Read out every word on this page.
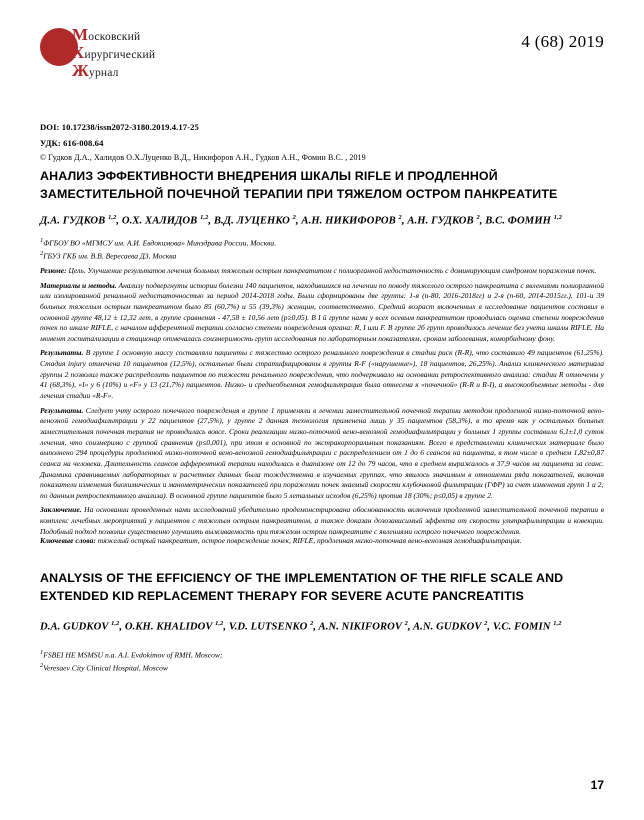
Московский
Хирургический
Журнал
4 (68) 2019
DOI: 10.17238/issn2072-3180.2019.4.17-25
УДК: 616-008.64
© Гудков Д.А., Халидов О.Х.Луценко В.Д., Никифоров А.Н., Гудков А.Н., Фомин В.С. , 2019
АНАЛИЗ ЭФФЕКТИВНОСТИ ВНЕДРЕНИЯ ШКАЛЫ RIFLE И ПРОДЛЕННОЙ ЗАМЕСТИТЕЛЬНОЙ ПОЧЕЧНОЙ ТЕРАПИИ ПРИ ТЯЖЕЛОМ ОСТРОМ ПАНКРЕАТИТЕ
Д.А. ГУДКОВ $^{1,2}$, О.Х. ХАЛИДОВ $^{1,2}$, В.Д. ЛУЦЕНКО $^2$, А.Н. НИКИФОРОВ $^2$, А.Н. ГУДКОВ $^2$, В.С. ФОМИН $^{1,2}$
$^1$ФГБОУ ВО «МГМСУ им. А.И. Евдокимова» Минздрава России, Москва.
$^2$ГБУЗ ГКБ им. В.В. Вересаева ДЗ, Москва

Резюме: Цель. Улучшение результатов лечения больных тяжелым острым панкреатитом с полиорганной недостаточность с доминирующим синдромом поражения почек.

Материалы и методы. Анализу подвергнуты истории болезни 140 пациентов, находившихся на лечении по поводу тяжелого острого панкреатита с явлениями полиорганной или изолированной ренальной недостаточностью за период 2014-2018 годы. Были сформированы две группы: 1-я (n-80, 2016-2018гг) и 2-я (n-60, 2014-2015гг.). 101-и 39 больных тяжелым острым панкреатитом было 85 (60,7%) и 55 (39,3%) женщин, соответственно. Средний возраст включенных в исследование пациентов составил в основной группе 48,12 ± 12,32 лет, в группе сравнения - 47,58 ± 10,56 лет (p≥0,05). В I й группе нами у всех осевым панкреатитом проводилась оценка степени повреждения почек по шкале RIFLE, с началом афферентной терапии согласно степени повреждения органа: R, I или F. В группе 2б групп проводилось лечение без учета шкалы RIFLE. На момент госпитализации в стационар отмечалась соизмеримость групп исследования по лабораторным показателям, срокам заболевания, коморбидному фону.

Результаты. В группе 1 основную массу составляли пациенты с тяжестью острого ренального повреждения в стадии риск (R-R), что составило 49 пациентов (61,25%). Стадия injury отмечена 10 пациентов (12,5%), остальные были стратифицированы в группы R-F («нарушение»), 18 пациентов, 26,25%). Анализ клинического материала группы 2 позволил также распределить пациентов по тяжести ренального повреждения, что подчеркивало на основании ретроспективного анализа: стадии R отмечены у 41 (68,3%), «I» у 6 (10%) и «F» у 13 (21,7%) пациентов. Низко- и среднеобъемная гемофильтрация была отнесена к «почечной» (R-R и R-I), а высокообъемные методы - для лечения стадии «R-F».

Результаты. Следует учту острого почечного повреждения в группе 1 применяли в лечении заместительной почечной терапии методом продленной низко-поточной вено-венозной гемодиафильтрации у 22 пациентов (27,5%), у группе 2 данная технология применена лишь у 35 пациентов (58,3%), в то время как у остальных больных заместительная почечная терапия не проводилась вовсе. Сроки реализации низко-поточной вено-венозной гемодиафильтрации у больных 1 группы составили 6,1±1,0 суток лечения, что соизмеримо с группой сравнения (p≤0,001), при этом в основной по экстракорпоральным показаниям. Всего в представлении клинических материале было выполнено 294 процедуры продленной низко-поточной вено-венозной гемодиафильтрации с распределением от 1 до 6 сеансов на пациента, в том числе в среднем 1,82±0,87 сеанса на человека. Длительность сеансов афферентной терапии находилась в диапазоне от 12 до 79 часов, что в среднем выражалось в 37,9 часов на пациента за сеанс. Динамика сравниваемых лабораторных и расчетных данных была тождественна в изучаемых группах, что явилось значимым в отношении ряда показателей, включая показатели изменения биохимических и манометрических показателей при поражении почек знаемый скорости клубочковой фильтрации (ГФР) за счет изменения групп 1 и 2; по данным ретроспективного анализа). В основной группе пациентов было 5 летальных исходов (6,25%) против 18 (30%; p≤0,05) в группе 2.

Заключение. На основании проведенных нами исследований убедительно продемонстрирована обоснованность включения продленной заместительной почечной терапии в комплекс лечебных мероприятий у пациентов с тяжелым острым панкреатитом, а также доказан дозозависимый эффекта от скорости ультрафильтрации и ковекции. Подобный подход позволил существенно улучшить выживаемость при тяжелом остром панкреатите с явлениями острого почечного повреждения.

Ключевые слова: тяжелый острый панкреатит, острое повреждение почек, RIFLE, продленная низко-поточная вено-венозная гемодиафильтрация.
ANALYSIS OF THE EFFICIENCY OF THE IMPLEMENTATION OF THE RIFLE SCALE AND EXTENDED KID REPLACEMENT THERAPY FOR SEVERE ACUTE PANCREATITIS
D.A. GUDKOV $^{1,2}$, O.KH. KHALIDOV $^{1,2}$, V.D. LUTSENKO $^2$, A.N. NIKIFOROV $^2$, A.N. GUDKOV $^2$, V.C. FOMIN $^{1,2}$
$^1$FSBEI HE MSMSU n.a. A.I. Evdokimov of RMH, Moscow;
$^2$Veresaev City Clinical Hospital, Moscow
17
